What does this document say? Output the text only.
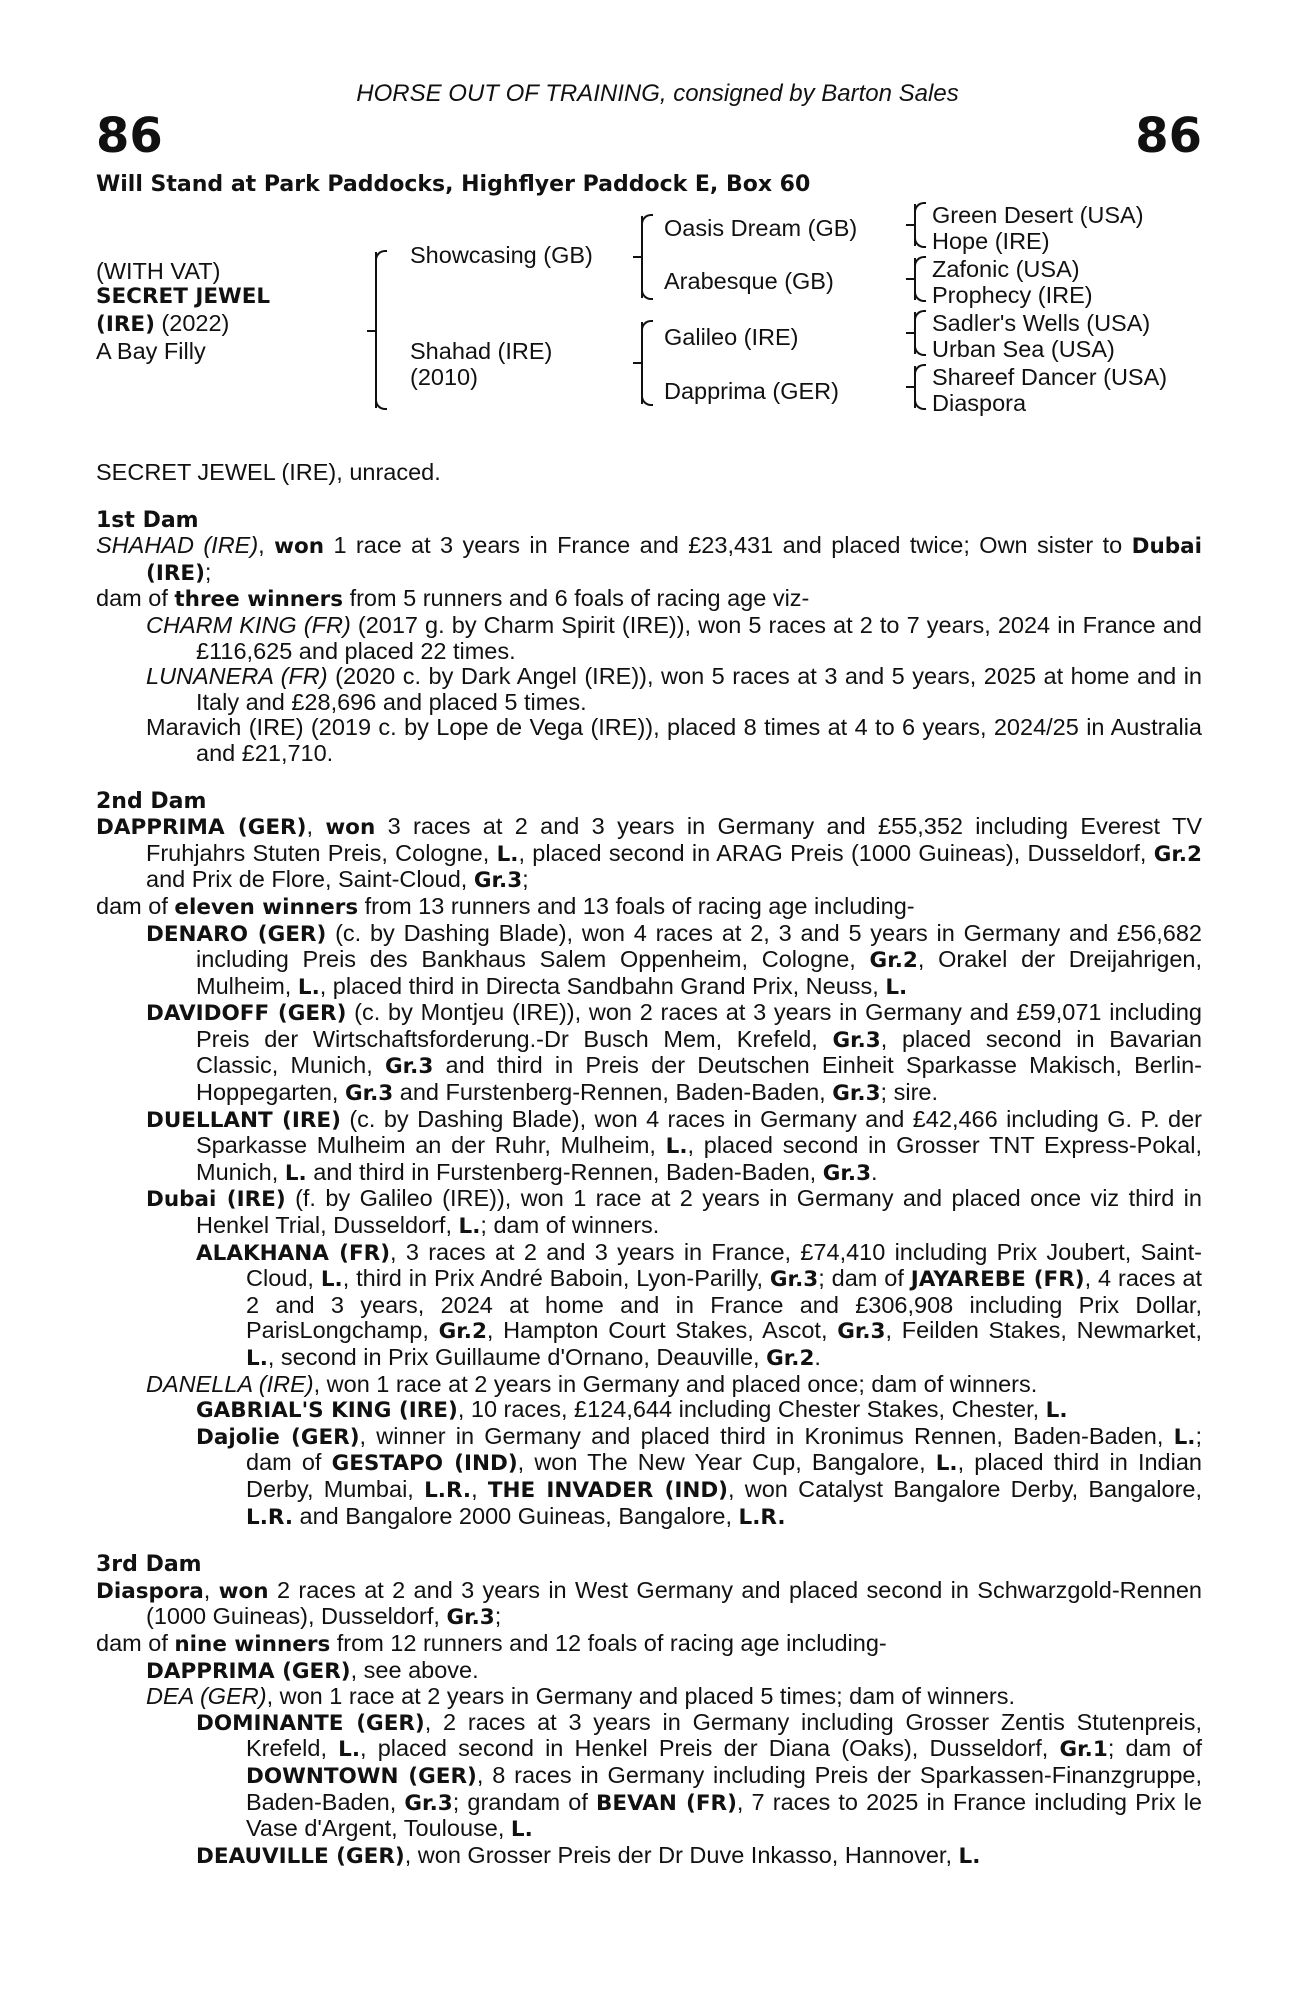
HORSE OUT OF TRAINING, consigned by Barton Sales
86	86
Will Stand at Park Paddocks, Highflyer Paddock E, Box 60
(WITH VAT)
SECRET JEWEL
(IRE) (2022)
A Bay Filly
Showcasing (GB)
Shahad (IRE)
(2010)
Oasis Dream (GB)
Arabesque (GB)
Galileo (IRE)
Dapprima (GER)
Green Desert (USA)
Hope (IRE)
Zafonic (USA)
Prophecy (IRE)
Sadler's Wells (USA)
Urban Sea (USA)
Shareef Dancer (USA)
Diaspora
SECRET JEWEL (IRE), unraced.
1st Dam
SHAHAD (IRE), won 1 race at 3 years in France and £23,431 and placed twice; Own sister to Dubai (IRE);
dam of three winners from 5 runners and 6 foals of racing age viz-
CHARM KING (FR) (2017 g. by Charm Spirit (IRE)), won 5 races at 2 to 7 years, 2024 in France and £116,625 and placed 22 times.
LUNANERA (FR) (2020 c. by Dark Angel (IRE)), won 5 races at 3 and 5 years, 2025 at home and in Italy and £28,696 and placed 5 times.
Maravich (IRE) (2019 c. by Lope de Vega (IRE)), placed 8 times at 4 to 6 years, 2024/25 in Australia and £21,710.
2nd Dam
DAPPRIMA (GER), won 3 races at 2 and 3 years in Germany and £55,352 including Everest TV Fruhjahrs Stuten Preis, Cologne, L., placed second in ARAG Preis (1000 Guineas), Dusseldorf, Gr.2 and Prix de Flore, Saint-Cloud, Gr.3;
dam of eleven winners from 13 runners and 13 foals of racing age including-
DENARO (GER) (c. by Dashing Blade), won 4 races at 2, 3 and 5 years in Germany and £56,682 including Preis des Bankhaus Salem Oppenheim, Cologne, Gr.2, Orakel der Dreijahrigen, Mulheim, L., placed third in Directa Sandbahn Grand Prix, Neuss, L.
DAVIDOFF (GER) (c. by Montjeu (IRE)), won 2 races at 3 years in Germany and £59,071 including Preis der Wirtschaftsforderung.-Dr Busch Mem, Krefeld, Gr.3, placed second in Bavarian Classic, Munich, Gr.3 and third in Preis der Deutschen Einheit Sparkasse Makisch, Berlin-Hoppegarten, Gr.3 and Furstenberg-Rennen, Baden-Baden, Gr.3; sire.
DUELLANT (IRE) (c. by Dashing Blade), won 4 races in Germany and £42,466 including G. P. der Sparkasse Mulheim an der Ruhr, Mulheim, L., placed second in Grosser TNT Express-Pokal, Munich, L. and third in Furstenberg-Rennen, Baden-Baden, Gr.3.
Dubai (IRE) (f. by Galileo (IRE)), won 1 race at 2 years in Germany and placed once viz third in Henkel Trial, Dusseldorf, L.; dam of winners.
ALAKHANA (FR), 3 races at 2 and 3 years in France, £74,410 including Prix Joubert, Saint-Cloud, L., third in Prix André Baboin, Lyon-Parilly, Gr.3; dam of JAYAREBE (FR), 4 races at 2 and 3 years, 2024 at home and in France and £306,908 including Prix Dollar, ParisLongchamp, Gr.2, Hampton Court Stakes, Ascot, Gr.3, Feilden Stakes, Newmarket, L., second in Prix Guillaume d'Ornano, Deauville, Gr.2.
DANELLA (IRE), won 1 race at 2 years in Germany and placed once; dam of winners.
GABRIAL'S KING (IRE), 10 races, £124,644 including Chester Stakes, Chester, L.
Dajolie (GER), winner in Germany and placed third in Kronimus Rennen, Baden-Baden, L.; dam of GESTAPO (IND), won The New Year Cup, Bangalore, L., placed third in Indian Derby, Mumbai, L.R., THE INVADER (IND), won Catalyst Bangalore Derby, Bangalore, L.R. and Bangalore 2000 Guineas, Bangalore, L.R.
3rd Dam
Diaspora, won 2 races at 2 and 3 years in West Germany and placed second in Schwarzgold-Rennen (1000 Guineas), Dusseldorf, Gr.3;
dam of nine winners from 12 runners and 12 foals of racing age including-
DAPPRIMA (GER), see above.
DEA (GER), won 1 race at 2 years in Germany and placed 5 times; dam of winners.
DOMINANTE (GER), 2 races at 3 years in Germany including Grosser Zentis Stutenpreis, Krefeld, L., placed second in Henkel Preis der Diana (Oaks), Dusseldorf, Gr.1; dam of DOWNTOWN (GER), 8 races in Germany including Preis der Sparkassen-Finanzgruppe, Baden-Baden, Gr.3; grandam of BEVAN (FR), 7 races to 2025 in France including Prix le Vase d'Argent, Toulouse, L.
DEAUVILLE (GER), won Grosser Preis der Dr Duve Inkasso, Hannover, L.
